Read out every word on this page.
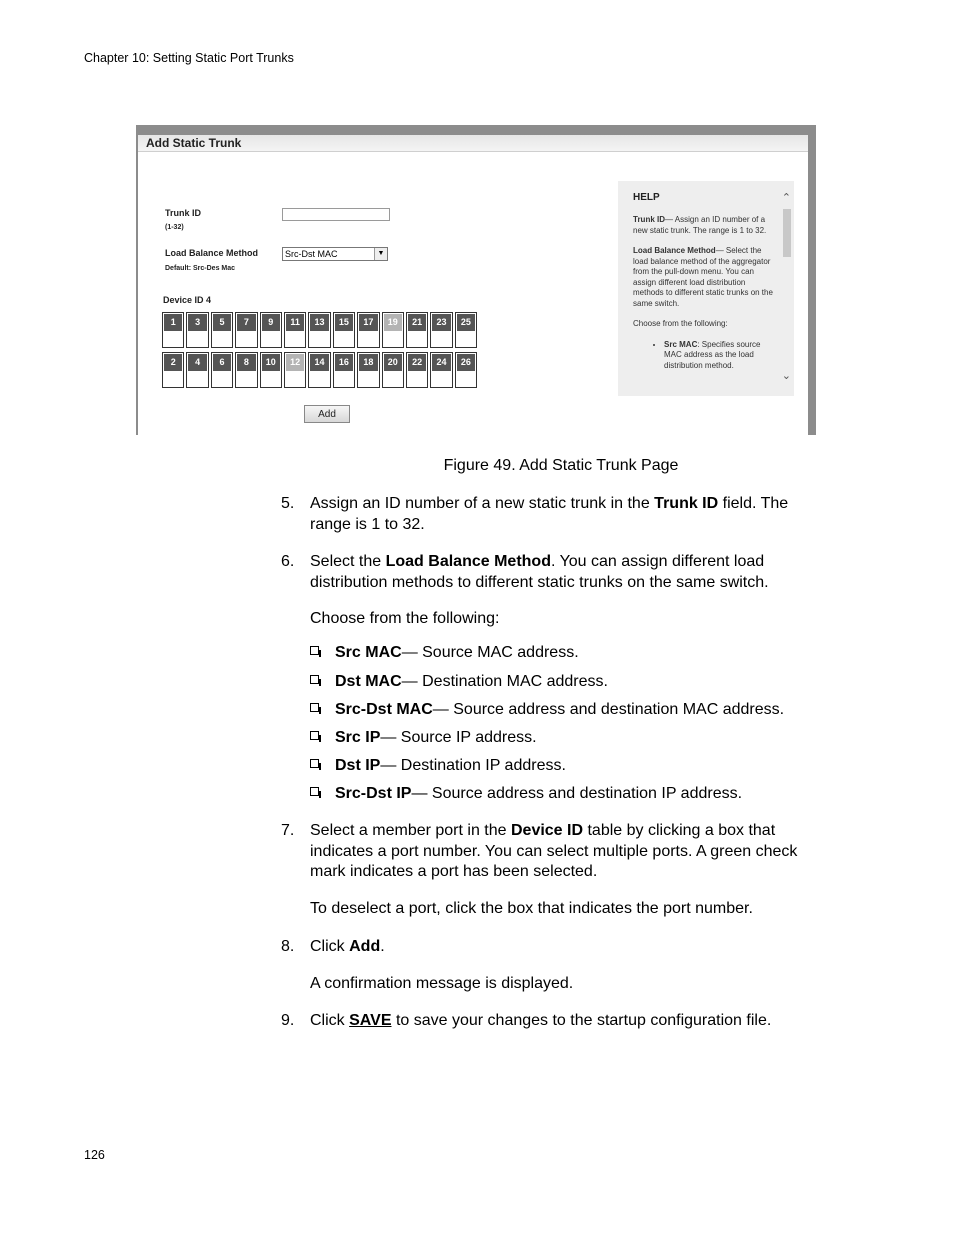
Chapter 10: Setting Static Port Trunks
Add Static Trunk
Trunk ID
(1-32)
Load Balance Method
Default: Src-Des Mac
Src-Dst MAC	▼
Device ID 4
1	3	5	7	9	11	13	15	17	19	21	23	25
2	4	6	8	10	12	14	16	18	20	22	24	26
Add
HELP

Trunk ID— Assign an ID number of a new static trunk. The range is 1 to 32.

Load Balance Method— Select the load balance method of the aggregator from the pull-down menu. You can assign different load distribution methods to different static trunks on the same switch.

Choose from the following:

• Src MAC: Specifies source MAC address as the load distribution method.
⌃
⌄
Figure 49. Add Static Trunk Page
5. Assign an ID number of a new static trunk in the Trunk ID field. The
range is 1 to 32.
6. Select the Load Balance Method. You can assign different load
distribution methods to different static trunks on the same switch.
Choose from the following:
Src MAC— Source MAC address.
Dst MAC— Destination MAC address.
Src-Dst MAC— Source address and destination MAC address.
Src IP— Source IP address.
Dst IP— Destination IP address.
Src-Dst IP— Source address and destination IP address.
7. Select a member port in the Device ID table by clicking a box that
indicates a port number. You can select multiple ports. A green check
mark indicates a port has been selected.
To deselect a port, click the box that indicates the port number.
8. Click Add.
A confirmation message is displayed.
9. Click SAVE to save your changes to the startup configuration file.
126
